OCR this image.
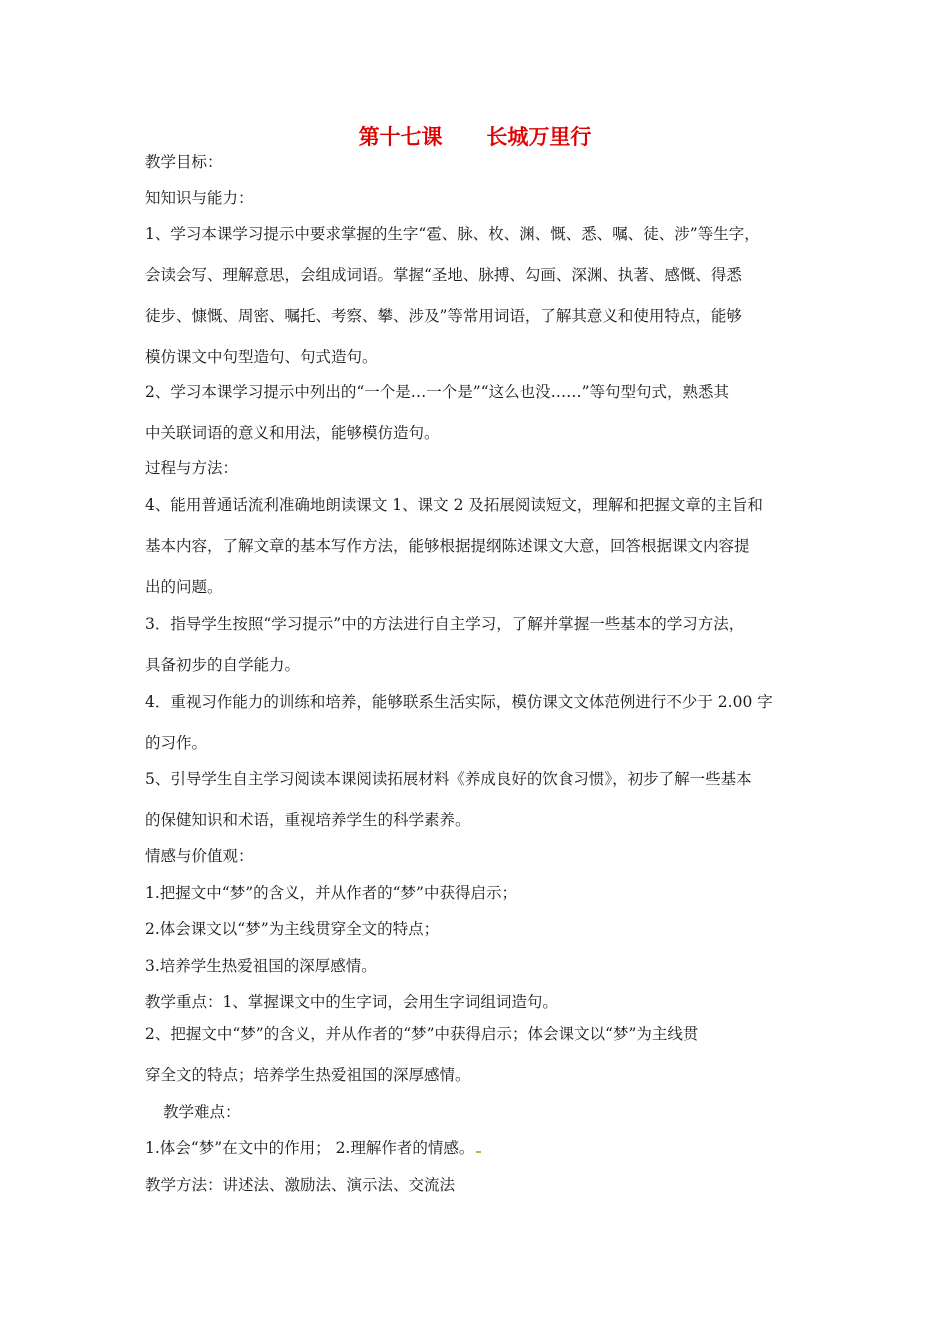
第十七课      长城万里行
教学目标：
知知识与能力：
1、学习本课学习提示中要求掌握的生字“雹、脉、枚、渊、慨、悉、嘱、徒、涉”等生字，
会读会写、理解意思，会组成词语。掌握“圣地、脉搏、勾画、深渊、执著、感慨、得悉
徒步、慷慨、周密、嘱托、考察、攀、涉及”等常用词语，了解其意义和使用特点，能够
模仿课文中句型造句、句式造句。
2、学习本课学习提示中列出的“一个是…一个是”“这么也没……”等句型句式，熟悉其
中关联词语的意义和用法，能够模仿造句。
过程与方法：
4、能用普通话流利准确地朗读课文 1、课文 2 及拓展阅读短文，理解和把握文章的主旨和
基本内容，了解文章的基本写作方法，能够根据提纲陈述课文大意，回答根据课文内容提
出的问题。
3．指导学生按照“学习提示”中的方法进行自主学习，了解并掌握一些基本的学习方法，
具备初步的自学能力。
4．重视习作能力的训练和培养，能够联系生活实际，模仿课文文体范例进行不少于 2.00 字
的习作。
5、引导学生自主学习阅读本课阅读拓展材料《养成良好的饮食习惯》，初步了解一些基本
的保健知识和术语，重视培养学生的科学素养。
情感与价值观：
1.把握文中“梦”的含义，并从作者的“梦”中获得启示；
2.体会课文以“梦”为主线贯穿全文的特点；
3.培养学生热爱祖国的深厚感情。
教学重点：1、掌握课文中的生字词，会用生字词组词造句。
2、把握文中“梦”的含义，并从作者的“梦”中获得启示；体会课文以“梦”为主线贯
穿全文的特点；培养学生热爱祖国的深厚感情。
教学难点：
1.体会“梦”在文中的作用； 2.理解作者的情感。
教学方法：讲述法、激励法、演示法、交流法
